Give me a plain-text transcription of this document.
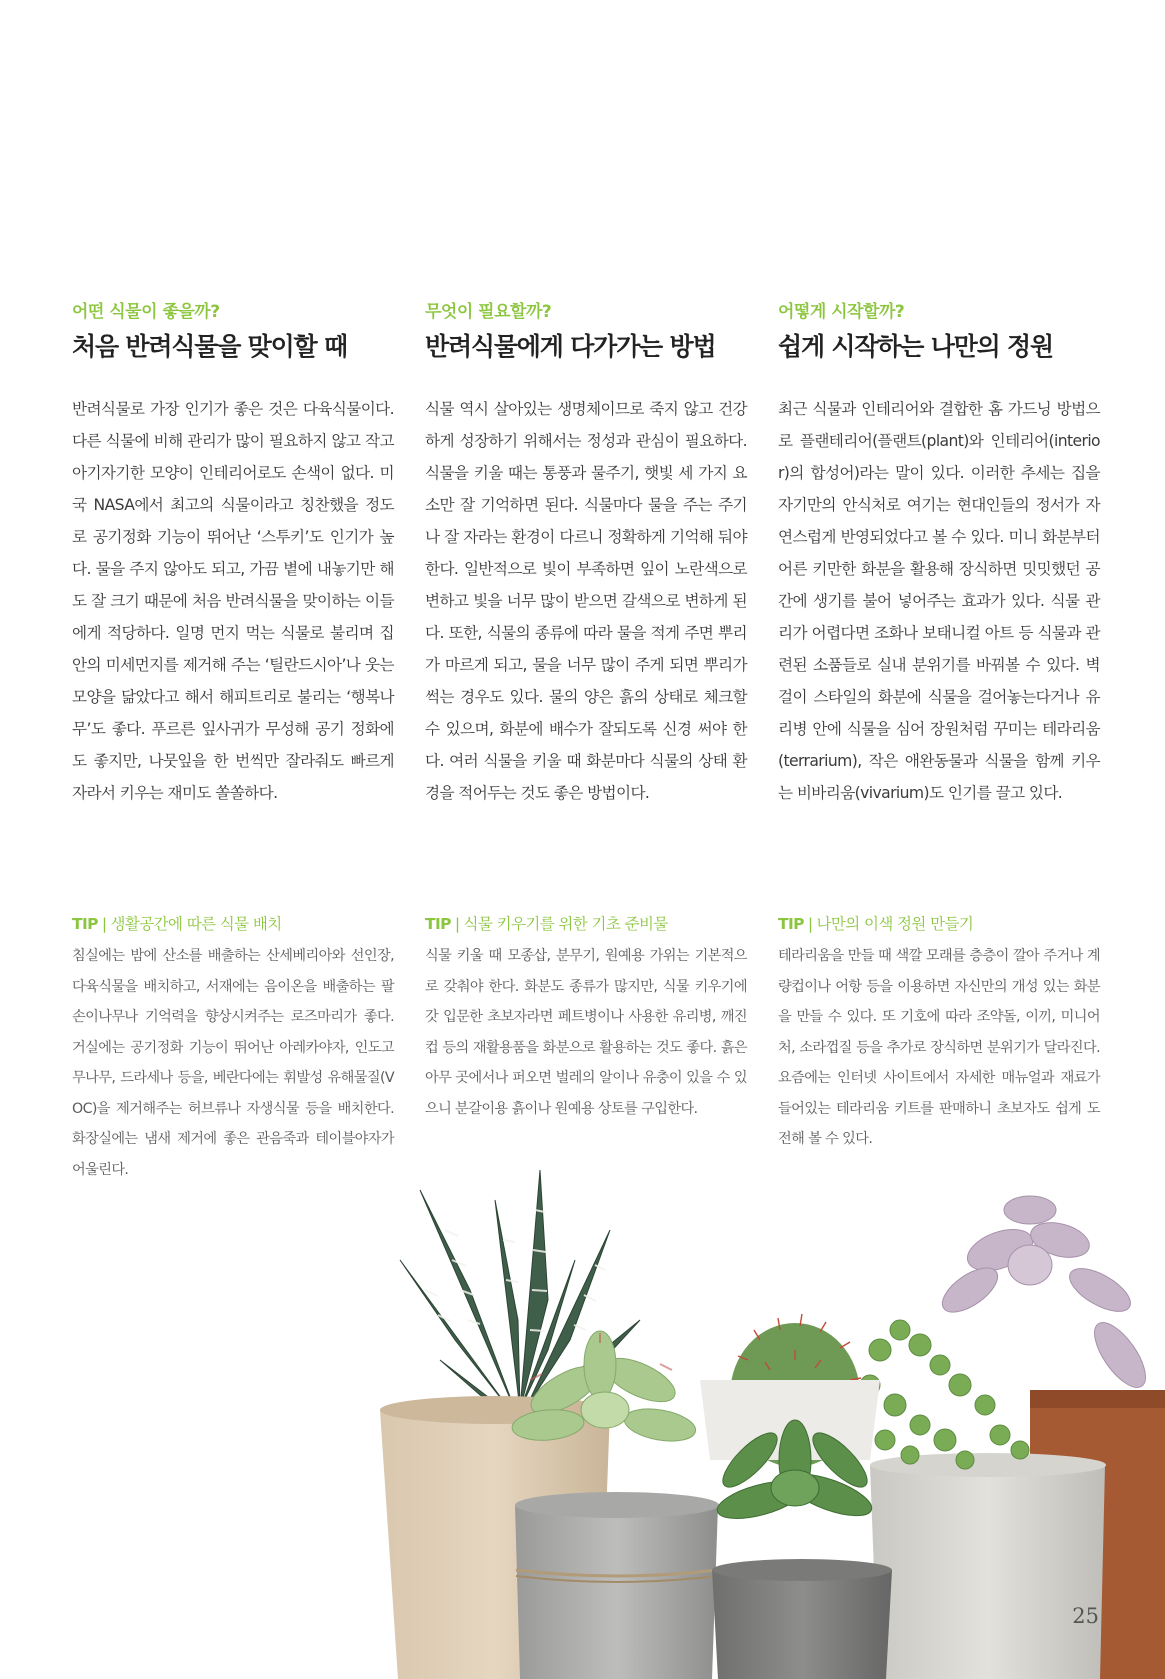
어떤 식물이 좋을까?
처음 반려식물을 맞이할 때
반려식물로 가장 인기가 좋은 것은 다육식물이다. 다른 식물에 비해 관리가 많이 필요하지 않고 작고 아기자기한 모양이 인테리어로도 손색이 없다. 미국 NASA에서 최고의 식물이라고 칭찬했을 정도로 공기정화 기능이 뛰어난 ‘스투키’도 인기가 높다. 물을 주지 않아도 되고, 가끔 볕에 내놓기만 해도 잘 크기 때문에 처음 반려식물을 맞이하는 이들에게 적당하다. 일명 먼지 먹는 식물로 불리며 집안의 미세먼지를 제거해 주는 ‘틸란드시아’나 웃는 모양을 닮았다고 해서 해피트리로 불리는 ‘행복나무’도 좋다. 푸르른 잎사귀가 무성해 공기 정화에도 좋지만, 나뭇잎을 한 번씩만 잘라줘도 빠르게 자라서 키우는 재미도 쏠쏠하다.
TIP | 생활공간에 따른 식물 배치
침실에는 밤에 산소를 배출하는 산세베리아와 선인장, 다육식물을 배치하고, 서재에는 음이온을 배출하는 팔손이나무나 기억력을 향상시켜주는 로즈마리가 좋다. 거실에는 공기정화 기능이 뛰어난 아레카야자, 인도고무나무, 드라세나 등을, 베란다에는 휘발성 유해물질(VOC)을 제거해주는 허브류나 자생식물 등을 배치한다. 화장실에는 냄새 제거에 좋은 관음죽과 테이블야자가 어울린다.
무엇이 필요할까?
반려식물에게 다가가는 방법
식물 역시 살아있는 생명체이므로 죽지 않고 건강하게 성장하기 위해서는 정성과 관심이 필요하다. 식물을 키울 때는 통풍과 물주기, 햇빛 세 가지 요소만 잘 기억하면 된다. 식물마다 물을 주는 주기나 잘 자라는 환경이 다르니 정확하게 기억해 둬야 한다. 일반적으로 빛이 부족하면 잎이 노란색으로 변하고 빛을 너무 많이 받으면 갈색으로 변하게 된다. 또한, 식물의 종류에 따라 물을 적게 주면 뿌리가 마르게 되고, 물을 너무 많이 주게 되면 뿌리가 썩는 경우도 있다. 물의 양은 흙의 상태로 체크할 수 있으며, 화분에 배수가 잘되도록 신경 써야 한다. 여러 식물을 키울 때 화분마다 식물의 상태 환경을 적어두는 것도 좋은 방법이다.
TIP | 식물 키우기를 위한 기초 준비물
식물 키울 때 모종삽, 분무기, 원예용 가위는 기본적으로 갖춰야 한다. 화분도 종류가 많지만, 식물 키우기에 갓 입문한 초보자라면 페트병이나 사용한 유리병, 깨진 컵 등의 재활용품을 화분으로 활용하는 것도 좋다. 흙은 아무 곳에서나 퍼오면 벌레의 알이나 유충이 있을 수 있으니 분갈이용 흙이나 원예용 상토를 구입한다.
어떻게 시작할까?
쉽게 시작하는 나만의 정원
최근 식물과 인테리어와 결합한 홈 가드닝 방법으로 플랜테리어(플랜트(plant)와 인테리어(interior)의 합성어)라는 말이 있다. 이러한 추세는 집을 자기만의 안식처로 여기는 현대인들의 정서가 자연스럽게 반영되었다고 볼 수 있다. 미니 화분부터 어른 키만한 화분을 활용해 장식하면 밋밋했던 공간에 생기를 불어 넣어주는 효과가 있다. 식물 관리가 어렵다면 조화나 보태니컬 아트 등 식물과 관련된 소품들로 실내 분위기를 바꿔볼 수 있다. 벽걸이 스타일의 화분에 식물을 걸어놓는다거나 유리병 안에 식물을 심어 장원처럼 꾸미는 테라리움(terrarium), 작은 애완동물과 식물을 함께 키우는 비바리움(vivarium)도 인기를 끌고 있다.
TIP | 나만의 이색 정원 만들기
테라리움을 만들 때 색깔 모래를 층층이 깔아 주거나 계량컵이나 어항 등을 이용하면 자신만의 개성 있는 화분을 만들 수 있다. 또 기호에 따라 조약돌, 이끼, 미니어처, 소라껍질 등을 추가로 장식하면 분위기가 달라진다. 요즘에는 인터넷 사이트에서 자세한 매뉴얼과 재료가 들어있는 테라리움 키트를 판매하니 초보자도 쉽게 도전해 볼 수 있다.
25
